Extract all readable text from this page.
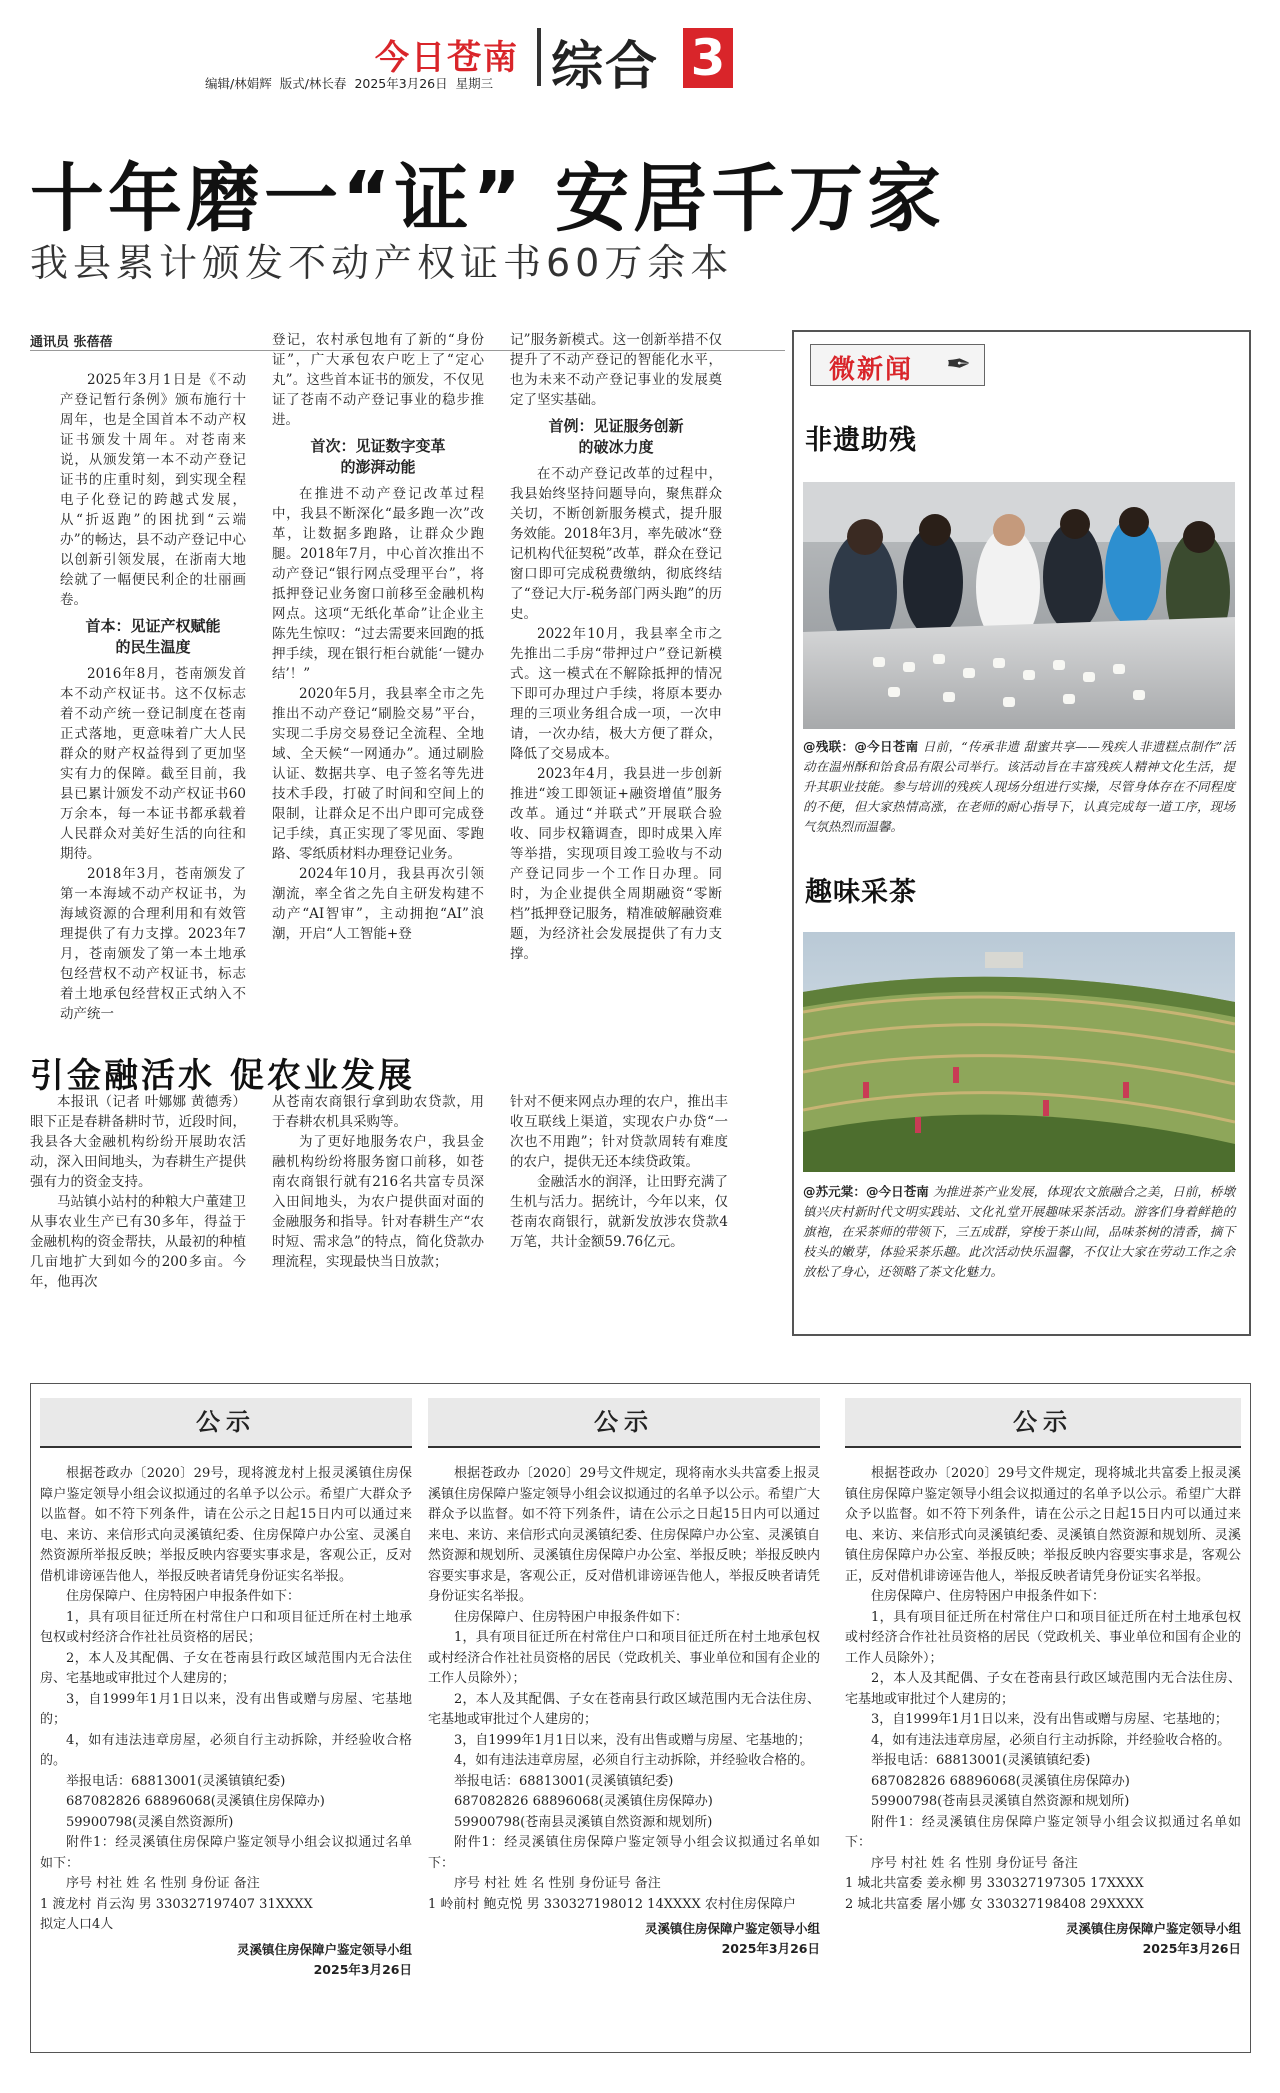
今日苍南 综合 3
编辑/林娟辉 版式/林长春 2025年3月26日 星期三
十年磨一“证” 安居千万家
我县累计颁发不动产权证书60万余本
通讯员 张蓓蓓

2025年3月1日是《不动产登记暂行条例》颁布施行十周年，也是全国首本不动产权证书颁发十周年。对苍南来说，从颁发第一本不动产登记证书的庄重时刻，到实现全程电子化登记的跨越式发展，从“折返跑”的困扰到“云端办”的畅达，县不动产登记中心以创新引领发展，在浙南大地绘就了一幅便民利企的壮丽画卷。

首本：见证产权赋能
的民生温度

2016年8月，苍南颁发首本不动产权证书。这不仅标志着不动产统一登记制度在苍南正式落地，更意味着广大人民群众的财产权益得到了更加坚实有力的保障。截至目前，我县已累计颁发不动产权证书60万余本，每一本证书都承载着人民群众对美好生活的向往和期待。

2018年3月，苍南颁发了第一本海域不动产权证书，为海域资源的合理利用和有效管理提供了有力支撑。2023年7月，苍南颁发了第一本土地承包经营权不动产权证书，标志着土地承包经营权正式纳入不动产统一

登记，农村承包地有了新的“身份证”，广大承包农户吃上了“定心丸”。这些首本证书的颁发，不仅见证了苍南不动产登记事业的稳步推进。

首次：见证数字变革
的澎湃动能

在推进不动产登记改革过程中，我县不断深化“最多跑一次”改革，让数据多跑路，让群众少跑腿。2018年7月，中心首次推出不动产登记“银行网点受理平台”，将抵押登记业务窗口前移至金融机构网点。这项“无纸化革命”让企业主陈先生惊叹：“过去需要来回跑的抵押手续，现在银行柜台就能‘一键办结’！”

2020年5月，我县率全市之先推出不动产登记“刷脸交易”平台，实现二手房交易登记全流程、全地域、全天候“一网通办”。通过刷脸认证、数据共享、电子签名等先进技术手段，打破了时间和空间上的限制，让群众足不出户即可完成登记手续，真正实现了零见面、零跑路、零纸质材料办理登记业务。

2024年10月，我县再次引领潮流，率全省之先自主研发构建不动产“AI智审”，主动拥抱“AI”浪潮，开启“人工智能+登

记”服务新模式。这一创新举措不仅提升了不动产登记的智能化水平，也为未来不动产登记事业的发展奠定了坚实基础。

首例：见证服务创新
的破冰力度

在不动产登记改革的过程中，我县始终坚持问题导向，聚焦群众关切，不断创新服务模式，提升服务效能。2018年3月，率先破冰“登记机构代征契税”改革，群众在登记窗口即可完成税费缴纳，彻底终结了“登记大厅-税务部门两头跑”的历史。

2022年10月，我县率全市之先推出二手房“带押过户”登记新模式。这一模式在不解除抵押的情况下即可办理过户手续，将原本要办理的三项业务组合成一项，一次申请，一次办结，极大方便了群众，降低了交易成本。

2023年4月，我县进一步创新推进“竣工即领证+融资增值”服务改革。通过“并联式”开展联合验收、同步权籍调查，即时成果入库等举措，实现项目竣工验收与不动产登记同步一个工作日办理。同时，为企业提供全周期融资“零断档”抵押登记服务，精准破解融资难题，为经济社会发展提供了有力支撑。

引金融活水 促农业发展

本报讯（记者 叶娜娜 黄德秀）眼下正是春耕备耕时节，近段时间，我县各大金融机构纷纷开展助农活动，深入田间地头，为春耕生产提供强有力的资金支持。

马站镇小站村的种粮大户董建卫从事农业生产已有30多年，得益于金融机构的资金帮扶，从最初的种植几亩地扩大到如今的200多亩。今年，他再次

从苍南农商银行拿到助农贷款，用于春耕农机具采购等。

为了更好地服务农户，我县金融机构纷纷将服务窗口前移，如苍南农商银行就有216名共富专员深入田间地头，为农户提供面对面的金融服务和指导。针对春耕生产“农时短、需求急”的特点，简化贷款办理流程，实现最快当日放款；

针对不便来网点办理的农户，推出丰收互联线上渠道，实现农户办贷“一次也不用跑”；针对贷款周转有难度的农户，提供无还本续贷政策。

金融活水的润泽，让田野充满了生机与活力。据统计，今年以来，仅苍南农商银行，就新发放涉农贷款4万笔，共计金额59.76亿元。

微新闻 ✒
非遗助残
@残联：@今日苍南 日前，“传承非遗 甜蜜共享——残疾人非遗糕点制作”活动在温州酥和饴食品有限公司举行。该活动旨在丰富残疾人精神文化生活，提升其职业技能。参与培训的残疾人现场分组进行实操，尽管身体存在不同程度的不便，但大家热情高涨，在老师的耐心指导下，认真完成每一道工序，现场气氛热烈而温馨。
趣味采茶
@苏元棠：@今日苍南 为推进茶产业发展，体现农文旅融合之美，日前，桥墩镇兴庆村新时代文明实践站、文化礼堂开展趣味采茶活动。游客们身着鲜艳的旗袍，在采茶师的带领下，三五成群，穿梭于茶山间，品味茶树的清香，摘下枝头的嫩芽，体验采茶乐趣。此次活动快乐温馨，不仅让大家在劳动工作之余放松了身心，还领略了茶文化魅力。
公示

根据苍政办〔2020〕29号，现将渡龙村上报灵溪镇住房保障户鉴定领导小组会议拟通过的名单予以公示。希望广大群众予以监督。如不符下列条件，请在公示之日起15日内可以通过来电、来访、来信形式向灵溪镇纪委、住房保障户办公室、灵溪自然资源所举报反映；举报反映内容要实事求是，客观公正，反对借机诽谤诬告他人，举报反映者请凭身份证实名举报。

住房保障户、住房特困户申报条件如下：

1，具有项目征迁所在村常住户口和项目征迁所在村土地承包权或村经济合作社社员资格的居民；

2，本人及其配偶、子女在苍南县行政区域范围内无合法住房、宅基地或审批过个人建房的；

3，自1999年1月1日以来，没有出售或赠与房屋、宅基地的；

4，如有违法违章房屋，必须自行主动拆除，并经验收合格的。

举报电话：68813001(灵溪镇镇纪委)

687082826 68896068(灵溪镇住房保障办)

59900798(灵溪自然资源所)

附件1：经灵溪镇住房保障户鉴定领导小组会议拟通过名单如下：

序号 村社 姓 名 性别 身份证 备注

1 渡龙村 肖云沟 男 330327197407 31XXXX

拟定人口4人

灵溪镇住房保障户鉴定领导小组
2025年3月26日
公示

根据苍政办〔2020〕29号文件规定，现将南水头共富委上报灵溪镇住房保障户鉴定领导小组会议拟通过的名单予以公示。希望广大群众予以监督。如不符下列条件，请在公示之日起15日内可以通过来电、来访、来信形式向灵溪镇纪委、住房保障户办公室、灵溪镇自然资源和规划所、灵溪镇住房保障户办公室、举报反映；举报反映内容要实事求是，客观公正，反对借机诽谤诬告他人，举报反映者请凭身份证实名举报。

住房保障户、住房特困户申报条件如下：

1，具有项目征迁所在村常住户口和项目征迁所在村土地承包权或村经济合作社社员资格的居民（党政机关、事业单位和国有企业的工作人员除外）；

2，本人及其配偶、子女在苍南县行政区域范围内无合法住房、宅基地或审批过个人建房的；

3，自1999年1月1日以来，没有出售或赠与房屋、宅基地的；

4，如有违法违章房屋，必须自行主动拆除，并经验收合格的。

举报电话：68813001(灵溪镇镇纪委)

687082826 68896068(灵溪镇住房保障办)

59900798(苍南县灵溪镇自然资源和规划所)

附件1：经灵溪镇住房保障户鉴定领导小组会议拟通过名单如下：

序号 村社 姓 名 性别 身份证号 备注

1 岭前村 鲍克悦 男 330327198012 14XXXX 农村住房保障户

灵溪镇住房保障户鉴定领导小组
2025年3月26日
公示

根据苍政办〔2020〕29号文件规定，现将城北共富委上报灵溪镇住房保障户鉴定领导小组会议拟通过的名单予以公示。希望广大群众予以监督。如不符下列条件，请在公示之日起15日内可以通过来电、来访、来信形式向灵溪镇纪委、灵溪镇自然资源和规划所、灵溪镇住房保障户办公室、举报反映；举报反映内容要实事求是，客观公正，反对借机诽谤诬告他人，举报反映者请凭身份证实名举报。

住房保障户、住房特困户申报条件如下：

1，具有项目征迁所在村常住户口和项目征迁所在村土地承包权或村经济合作社社员资格的居民（党政机关、事业单位和国有企业的工作人员除外）；

2，本人及其配偶、子女在苍南县行政区域范围内无合法住房、宅基地或审批过个人建房的；

3，自1999年1月1日以来，没有出售或赠与房屋、宅基地的；

4，如有违法违章房屋，必须自行主动拆除，并经验收合格的。

举报电话：68813001(灵溪镇镇纪委)

687082826 68896068(灵溪镇住房保障办)

59900798(苍南县灵溪镇自然资源和规划所)

附件1：经灵溪镇住房保障户鉴定领导小组会议拟通过名单如下：

序号 村社 姓 名 性别 身份证号 备注

1 城北共富委 姜永柳 男 330327197305 17XXXX

2 城北共富委 屠小娜 女 330327198408 29XXXX

灵溪镇住房保障户鉴定领导小组
2025年3月26日
